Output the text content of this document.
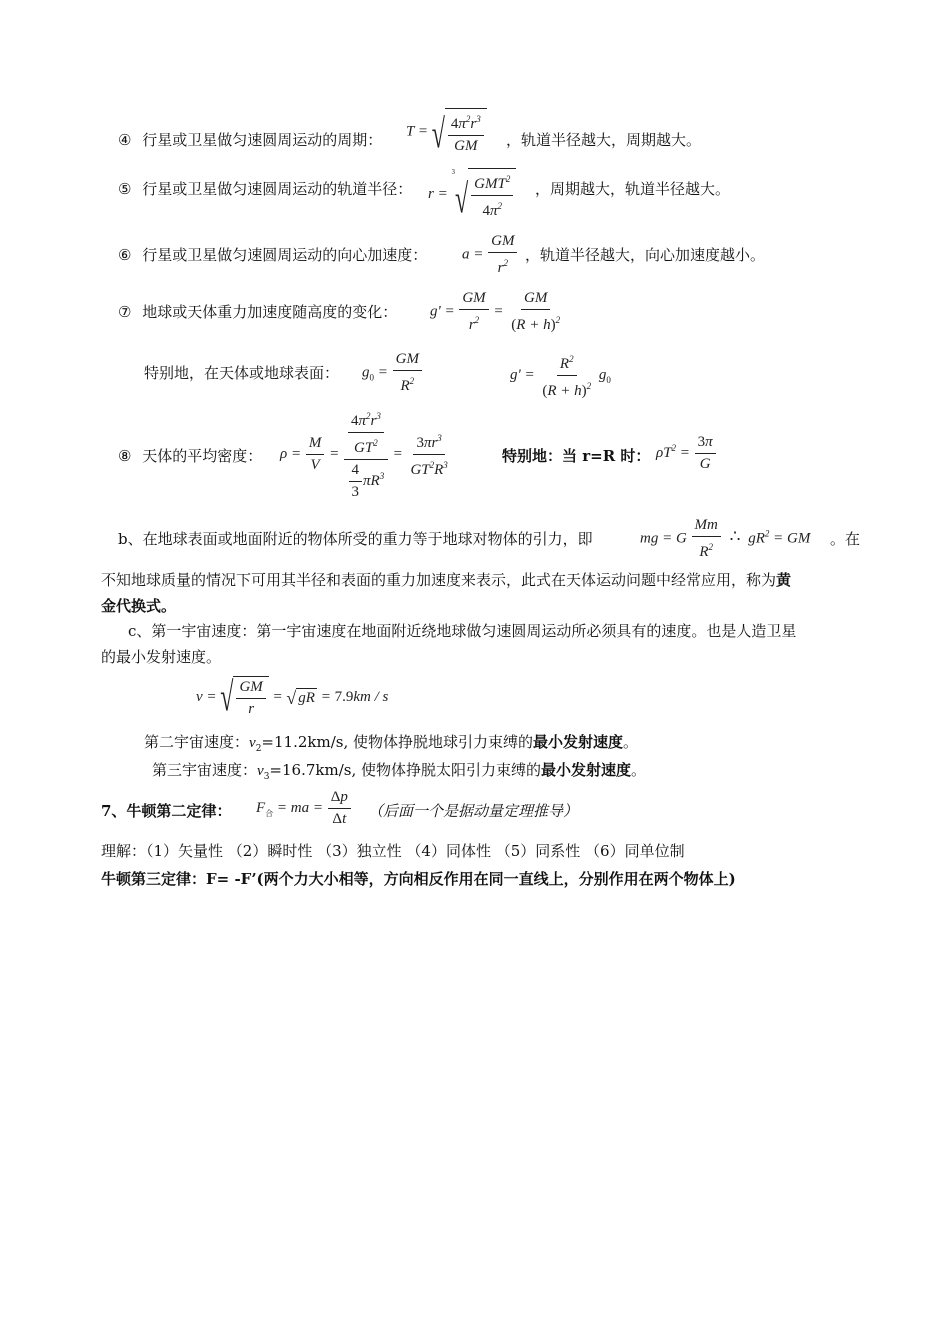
④ 行星或卫星做匀速圆周运动的周期： T = √ $\frac{4\pi^2r^3}{GM}$ ，轨道半径越大，周期越大。
⑤ 行星或卫星做匀速圆周运动的轨道半径： r = $^3$
√ $\frac{GMT^2}{4\pi^2}$ ，周期越大，轨道半径越大。
⑥ 行星或卫星做匀速圆周运动的向心加速度： $a = \frac{GM}{r^2}$ ，轨道半径越大，向心加速度越小。
⑦ 地球或天体重力加速度随高度的变化： $g' = \frac{GM}{r^2} = \frac{GM}{(R + h)^2}$
特别地，在天体或地球表面： $g_0 = \frac{GM}{R^2}$	$g' = \frac{R^2}{(R + h)^2} g_0$
⑧ 天体的平均密度： $\rho = \frac{M}{V} = \frac{\frac{4\pi^2r^3}{GT^2}}{\frac{4}{3} \pi R^3} = \frac{3\pi r^3}{GT^2R^3}$	特别地：当 r=R 时： $\rho T^2 = \frac{3\pi}{G}$
b、在地球表面或地面附近的物体所受的重力等于地球对物体的引力，即	mg = G $\frac{Mm}{R^2}$ ∴ $gR^2$ = GM 。在
不知地球质量的情况下可用其半径和表面的重力加速度来表示，此式在天体运动问题中经常应用，称为黄
金代换式。
c、第一宇宙速度：第一宇宙速度在地面附近绕地球做匀速圆周运动所必须具有的速度。也是人造卫星
的最小发射速度。
v = √ $\frac{GM}{r}$ = √ gR = 7.9km / s
第二宇宙速度：$v_2=11.2km/s$, 使物体挣脱地球引力束缚的最小发射速度。
第三宇宙速度：$v_3=16.7km/s$, 使物体挣脱太阳引力束缚的最小发射速度。
7、牛顿第二定律： $F_合$ = ma = $\frac{\Delta p}{\Delta t}$ （后面一个是据动量定理推导）
理解：（1）矢量性 （2）瞬时性 （3）独立性 （4）同体性 （5）同系性 （6）同单位制
牛顿第三定律：F= -F’(两个力大小相等，方向相反作用在同一直线上，分别作用在两个物体上)
